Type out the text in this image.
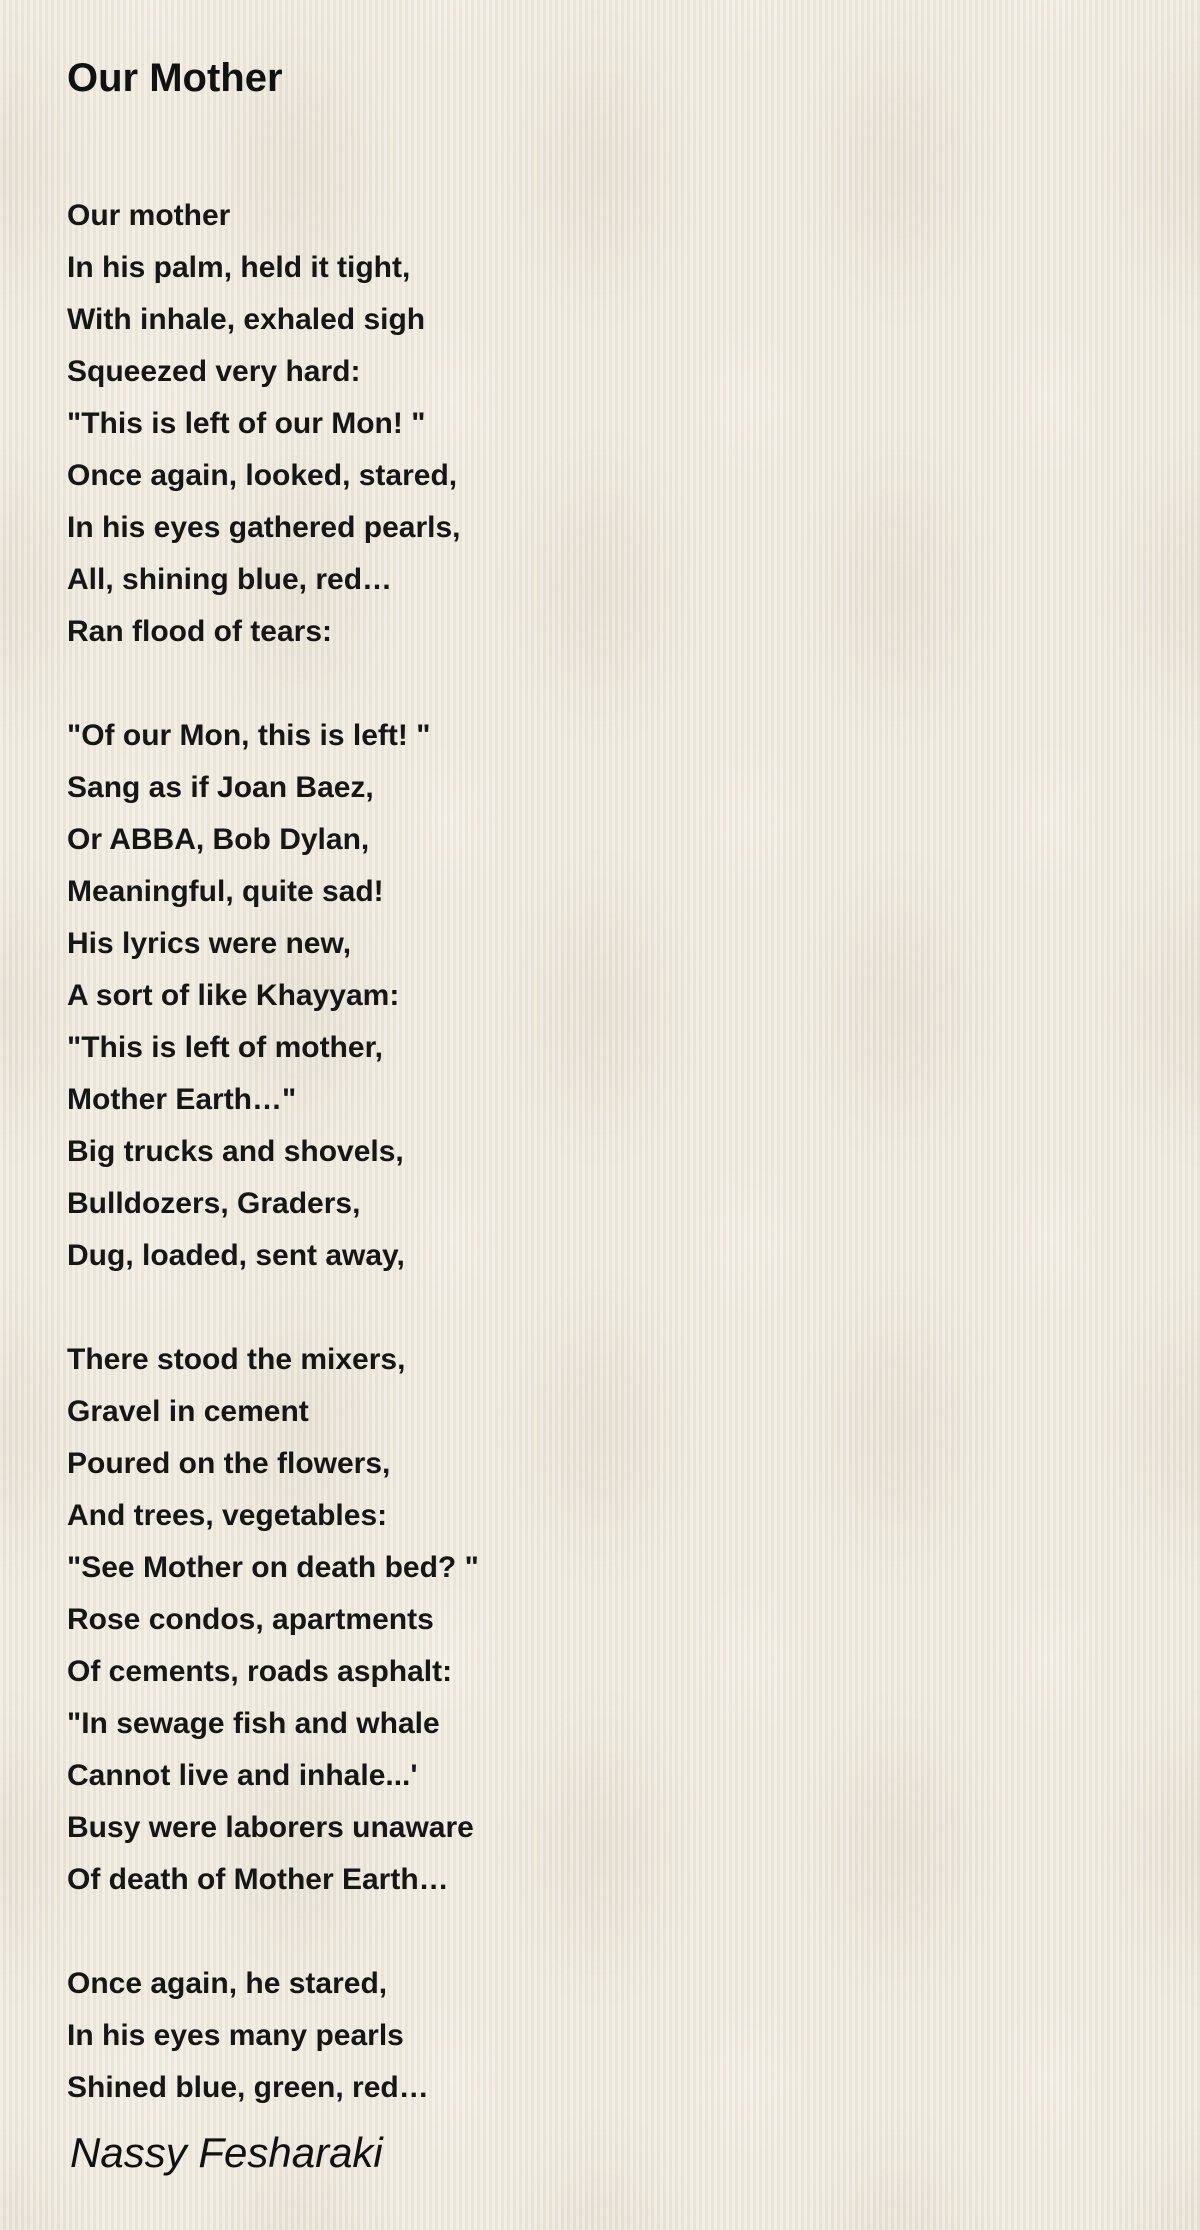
Our Mother
Our mother
In his palm, held it tight,
With inhale, exhaled sigh
Squeezed very hard:
"This is left of our Mon! "
Once again, looked, stared,
In his eyes gathered pearls,
All, shining blue, red…
Ran flood of tears:
"Of our Mon, this is left! "
Sang as if Joan Baez,
Or ABBA, Bob Dylan,
Meaningful, quite sad!
His lyrics were new,
A sort of like Khayyam:
"This is left of mother,
Mother Earth…"
Big trucks and shovels,
Bulldozers, Graders,
Dug, loaded, sent away,
There stood the mixers,
Gravel in cement
Poured on the flowers,
And trees, vegetables:
"See Mother on death bed? "
Rose condos, apartments
Of cements, roads asphalt:
"In sewage fish and whale
Cannot live and inhale...'
Busy were laborers unaware
Of death of Mother Earth…
Once again, he stared,
In his eyes many pearls
Shined blue, green, red…

Nassy Fesharaki
